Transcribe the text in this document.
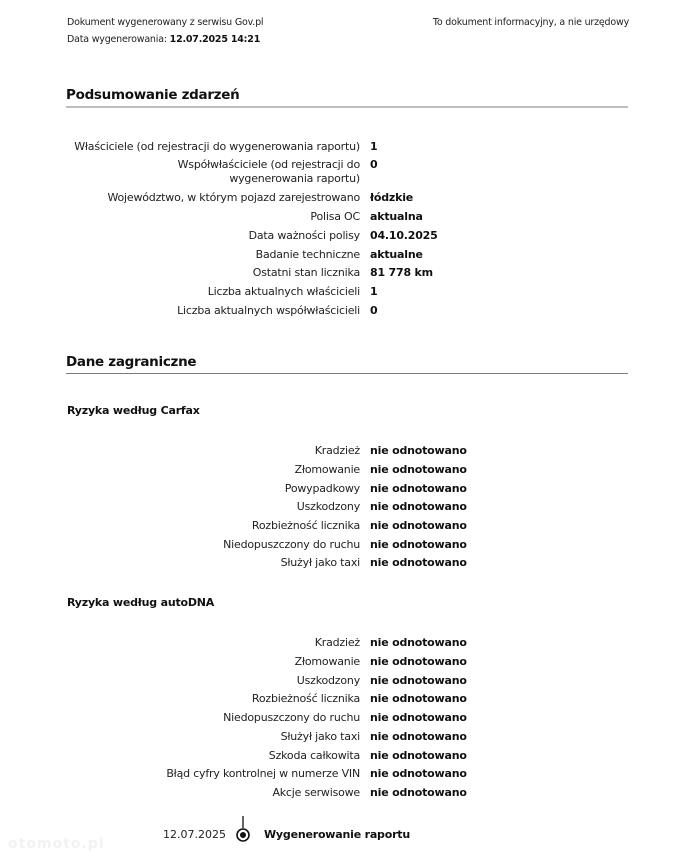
Dokument wygenerowany z serwisu Gov.pl
Data wygenerowania: 12.07.2025 14:21
To dokument informacyjny, a nie urzędowy
Podsumowanie zdarzeń
Właściciele (od rejestracji do wygenerowania raportu) 1
Współwłaściciele (od rejestracji do wygenerowania raportu)
0
Województwo, w którym pojazd zarejestrowano łódzkie
Polisa OC aktualna
Data ważności polisy 04.10.2025
Badanie techniczne aktualne
Ostatni stan licznika 81 778 km
Liczba aktualnych właścicieli 1
Liczba aktualnych współwłaścicieli 0
Dane zagraniczne
Ryzyka według Carfax
Kradzież nie odnotowano
Złomowanie nie odnotowano
Powypadkowy nie odnotowano
Uszkodzony nie odnotowano
Rozbieżność licznika nie odnotowano
Niedopuszczony do ruchu nie odnotowano
Służył jako taxi nie odnotowano
Ryzyka według autoDNA
Kradzież nie odnotowano
Złomowanie nie odnotowano
Uszkodzony nie odnotowano
Rozbieżność licznika nie odnotowano
Niedopuszczony do ruchu nie odnotowano
Służył jako taxi nie odnotowano
Szkoda całkowita nie odnotowano
Błąd cyfry kontrolnej w numerze VIN nie odnotowano
Akcje serwisowe nie odnotowano
12.07.2025	Wygenerowanie raportu
otomoto.pl
